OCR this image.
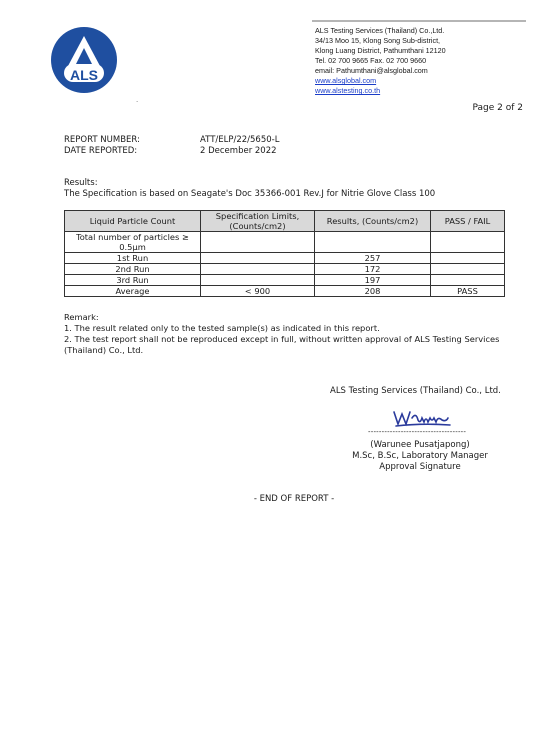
ALS
.
ALS Testing Services (Thailand) Co.,Ltd.
34/13 Moo 15, Klong Song Sub-district,
Klong Luang District, Pathumthani 12120
Tel. 02 700 9665 Fax. 02 700 9660
email: Pathumthani@alsglobal.com
www.alsglobal.com
www.alstesting.co.th
Page 2 of 2
REPORT NUMBER:	ATT/ELP/22/5650-L
DATE REPORTED:	2 December 2022
Results:
The Specification is based on Seagate's Doc 35366-001 Rev.J for Nitrie Glove Class 100
Liquid Particle Count	Specification Limits, (Counts/cm2)	Results, (Counts/cm2)	PASS / FAIL
Total number of particles ≥ 0.5μm			
1st Run		257	
2nd Run		172	
3rd Run		197	
Average	< 900	208	PASS
Remark:
1. The result related only to the tested sample(s) as indicated in this report.
2. The test report shall not be reproduced except in full, without written approval of ALS Testing Services (Thailand) Co., Ltd.
ALS Testing Services (Thailand) Co., Ltd.
------------------------------------
(Warunee Pusatjapong)
M.Sc, B.Sc, Laboratory Manager
Approval Signature
- END OF REPORT -
